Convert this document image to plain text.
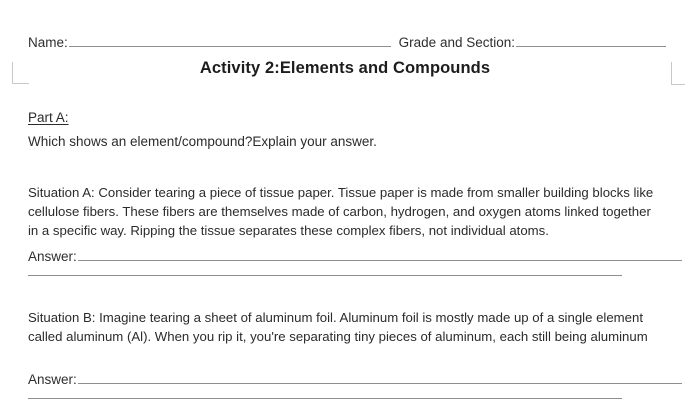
Name:	Grade and Section:
Activity 2:Elements and Compounds
Part A:
Which shows an element/compound?Explain your answer.
Situation A: Consider tearing a piece of tissue paper. Tissue paper is made from smaller building blocks like cellulose fibers. These fibers are themselves made of carbon, hydrogen, and oxygen atoms linked together in a specific way. Ripping the tissue separates these complex fibers, not individual atoms.
Answer:
Situation B: Imagine tearing a sheet of aluminum foil. Aluminum foil is mostly made up of a single element called aluminum (Al). When you rip it, you're separating tiny pieces of aluminum, each still being aluminum
Answer:
